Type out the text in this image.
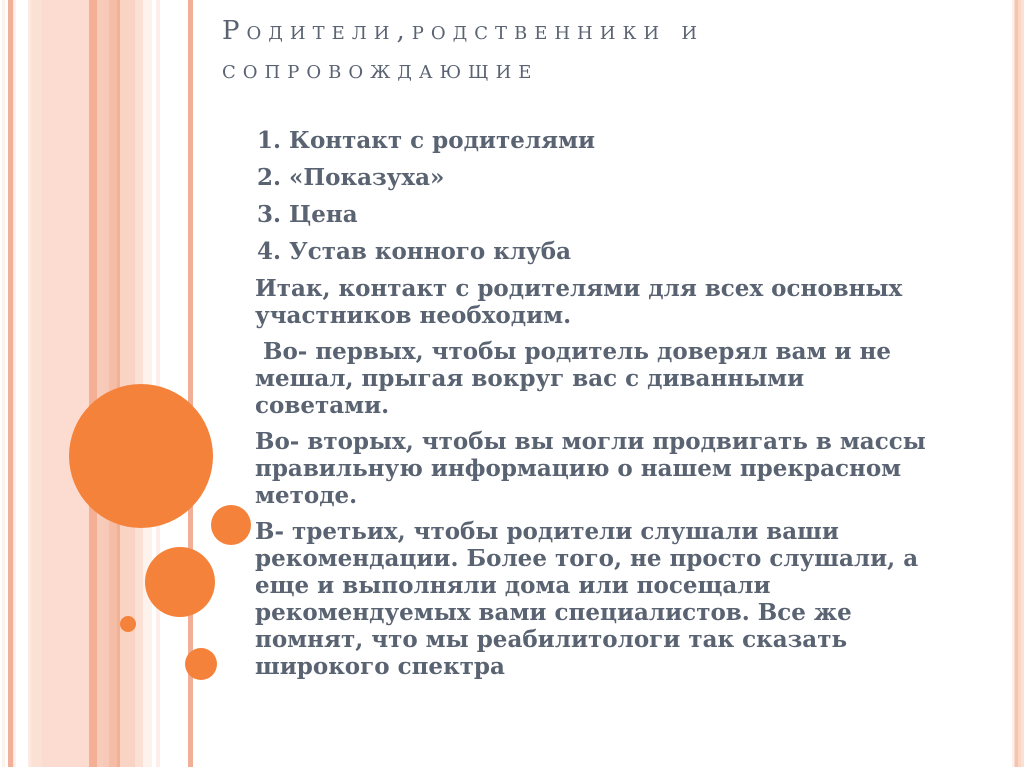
Родители,родственники и сопровождающие
1. Контакт с родителями
2. «Показуха»
3. Цена
4. Устав конного клуба

Итак, контакт с родителями для всех основных участников необходим.

Во- первых, чтобы родитель доверял вам и не мешал, прыгая вокруг вас с диванными советами.

Во- вторых, чтобы вы могли продвигать в массы правильную информацию о нашем прекрасном методе.

В- третьих, чтобы родители слушали ваши рекомендации. Более того, не просто слушали, а еще и выполняли дома или посещали рекомендуемых вами специалистов. Все же помнят, что мы реабилитологи так сказать широкого спектра
